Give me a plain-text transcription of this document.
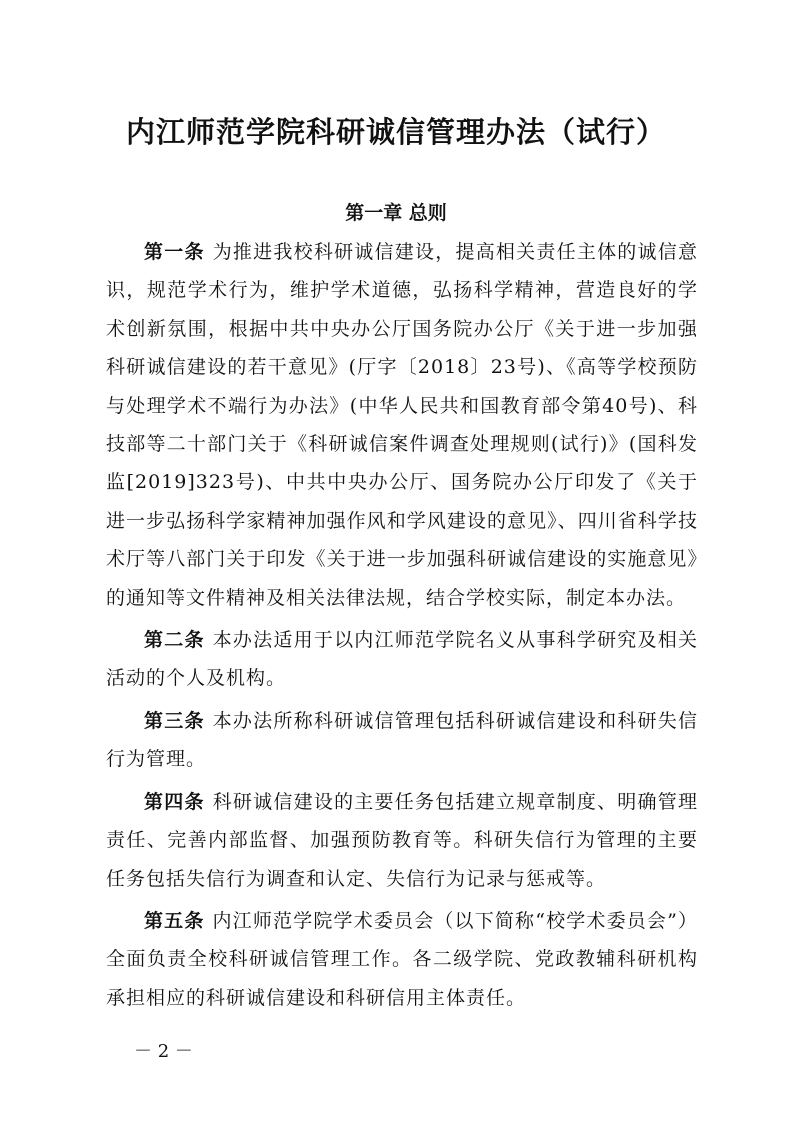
内江师范学院科研诚信管理办法（试行）
第一章 总则

第一条 为推进我校科研诚信建设，提高相关责任主体的诚信意识，规范学术行为，维护学术道德，弘扬科学精神，营造良好的学术创新氛围，根据中共中央办公厅国务院办公厅《关于进一步加强科研诚信建设的若干意见》(厅字〔2018〕23号)、《高等学校预防与处理学术不端行为办法》(中华人民共和国教育部令第40号)、科技部等二十部门关于《科研诚信案件调查处理规则(试行)》(国科发监[2019]323号)、中共中央办公厅、国务院办公厅印发了《关于进一步弘扬科学家精神加强作风和学风建设的意见》、四川省科学技术厅等八部门关于印发《关于进一步加强科研诚信建设的实施意见》的通知等文件精神及相关法律法规，结合学校实际，制定本办法。

第二条 本办法适用于以内江师范学院名义从事科学研究及相关活动的个人及机构。

第三条 本办法所称科研诚信管理包括科研诚信建设和科研失信行为管理。

第四条 科研诚信建设的主要任务包括建立规章制度、明确管理责任、完善内部监督、加强预防教育等。科研失信行为管理的主要任务包括失信行为调查和认定、失信行为记录与惩戒等。

第五条 内江师范学院学术委员会（以下简称“校学术委员会”）全面负责全校科研诚信管理工作。各二级学院、党政教辅科研机构承担相应的科研诚信建设和科研信用主体责任。

－ 2 －
